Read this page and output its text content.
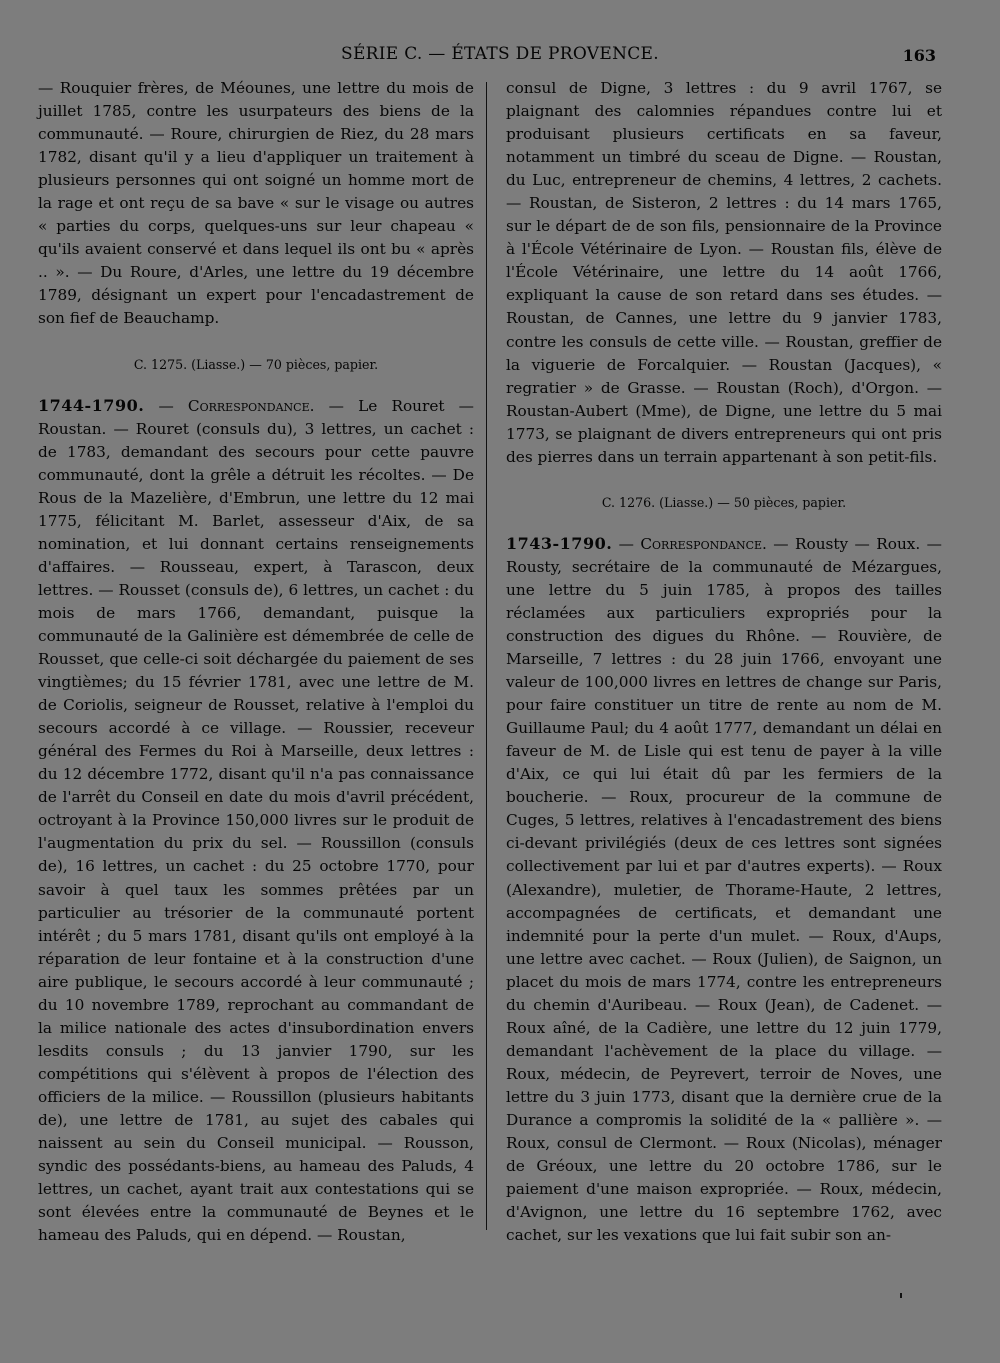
SÉRIE C. — ÉTATS DE PROVENCE.	163

— Rouquier frères, de Méounes, une lettre du mois de juillet 1785, contre les usurpateurs des biens de la communauté. — Roure, chirurgien de Riez, du 28 mars 1782, disant qu'il y a lieu d'appliquer un traitement à plusieurs personnes qui ont soigné un homme mort de la rage et ont reçu de sa bave « sur le visage ou autres « parties du corps, quelques-uns sur leur chapeau « qu'ils avaient conservé et dans lequel ils ont bu « après .. ». — Du Roure, d'Arles, une lettre du 19 décembre 1789, désignant un expert pour l'encadastrement de son fief de Beauchamp.

C. 1275. (Liasse.) — 70 pièces, papier.

1744-1790. — Correspondance. — Le Rouret — Roustan. — Rouret (consuls du), 3 lettres, un cachet : de 1783, demandant des secours pour cette pauvre communauté, dont la grêle a détruit les récoltes. — De Rous de la Mazelière, d'Embrun, une lettre du 12 mai 1775, félicitant M. Barlet, assesseur d'Aix, de sa nomination, et lui donnant certains renseignements d'affaires. — Rousseau, expert, à Tarascon, deux lettres. — Rousset (consuls de), 6 lettres, un cachet : du mois de mars 1766, demandant, puisque la communauté de la Galinière est démembrée de celle de Rousset, que celle-ci soit déchargée du paiement de ses vingtièmes; du 15 février 1781, avec une lettre de M. de Coriolis, seigneur de Rousset, relative à l'emploi du secours accordé à ce village. — Roussier, receveur général des Fermes du Roi à Marseille, deux lettres : du 12 décembre 1772, disant qu'il n'a pas connaissance de l'arrêt du Conseil en date du mois d'avril précédent, octroyant à la Province 150,000 livres sur le produit de l'augmentation du prix du sel. — Roussillon (consuls de), 16 lettres, un cachet : du 25 octobre 1770, pour savoir à quel taux les sommes prêtées par un particulier au trésorier de la communauté portent intérêt ; du 5 mars 1781, disant qu'ils ont employé à la réparation de leur fontaine et à la construction d'une aire publique, le secours accordé à leur communauté ; du 10 novembre 1789, reprochant au commandant de la milice nationale des actes d'insubordination envers lesdits consuls ; du 13 janvier 1790, sur les compétitions qui s'élèvent à propos de l'élection des officiers de la milice. — Roussillon (plusieurs habitants de), une lettre de 1781, au sujet des cabales qui naissent au sein du Conseil municipal. — Rousson, syndic des possédants-biens, au hameau des Paluds, 4 lettres, un cachet, ayant trait aux contestations qui se sont élevées entre la communauté de Beynes et le hameau des Paluds, qui en dépend. — Roustan,

consul de Digne, 3 lettres : du 9 avril 1767, se plaignant des calomnies répandues contre lui et produisant plusieurs certificats en sa faveur, notamment un timbré du sceau de Digne. — Roustan, du Luc, entrepreneur de chemins, 4 lettres, 2 cachets. — Roustan, de Sisteron, 2 lettres : du 14 mars 1765, sur le départ de de son fils, pensionnaire de la Province à l'École Vétérinaire de Lyon. — Roustan fils, élève de l'École Vétérinaire, une lettre du 14 août 1766, expliquant la cause de son retard dans ses études. — Roustan, de Cannes, une lettre du 9 janvier 1783, contre les consuls de cette ville. — Roustan, greffier de la viguerie de Forcalquier. — Roustan (Jacques), « regratier » de Grasse. — Roustan (Roch), d'Orgon. — Roustan-Aubert (Mme), de Digne, une lettre du 5 mai 1773, se plaignant de divers entrepreneurs qui ont pris des pierres dans un terrain appartenant à son petit-fils.

C. 1276. (Liasse.) — 50 pièces, papier.

1743-1790. — Correspondance. — Rousty — Roux. — Rousty, secrétaire de la communauté de Mézargues, une lettre du 5 juin 1785, à propos des tailles réclamées aux particuliers expropriés pour la construction des digues du Rhône. — Rouvière, de Marseille, 7 lettres : du 28 juin 1766, envoyant une valeur de 100,000 livres en lettres de change sur Paris, pour faire constituer un titre de rente au nom de M. Guillaume Paul; du 4 août 1777, demandant un délai en faveur de M. de Lisle qui est tenu de payer à la ville d'Aix, ce qui lui était dû par les fermiers de la boucherie. — Roux, procureur de la commune de Cuges, 5 lettres, relatives à l'encadastrement des biens ci-devant privilégiés (deux de ces lettres sont signées collectivement par lui et par d'autres experts). — Roux (Alexandre), muletier, de Thorame-Haute, 2 lettres, accompagnées de certificats, et demandant une indemnité pour la perte d'un mulet. — Roux, d'Aups, une lettre avec cachet. — Roux (Julien), de Saignon, un placet du mois de mars 1774, contre les entrepreneurs du chemin d'Auribeau. — Roux (Jean), de Cadenet. — Roux aîné, de la Cadière, une lettre du 12 juin 1779, demandant l'achèvement de la place du village. — Roux, médecin, de Peyrevert, terroir de Noves, une lettre du 3 juin 1773, disant que la dernière crue de la Durance a compromis la solidité de la « pallière ». — Roux, consul de Clermont. — Roux (Nicolas), ménager de Gréoux, une lettre du 20 octobre 1786, sur le paiement d'une maison expropriée. — Roux, médecin, d'Avignon, une lettre du 16 septembre 1762, avec cachet, sur les vexations que lui fait subir son an-
